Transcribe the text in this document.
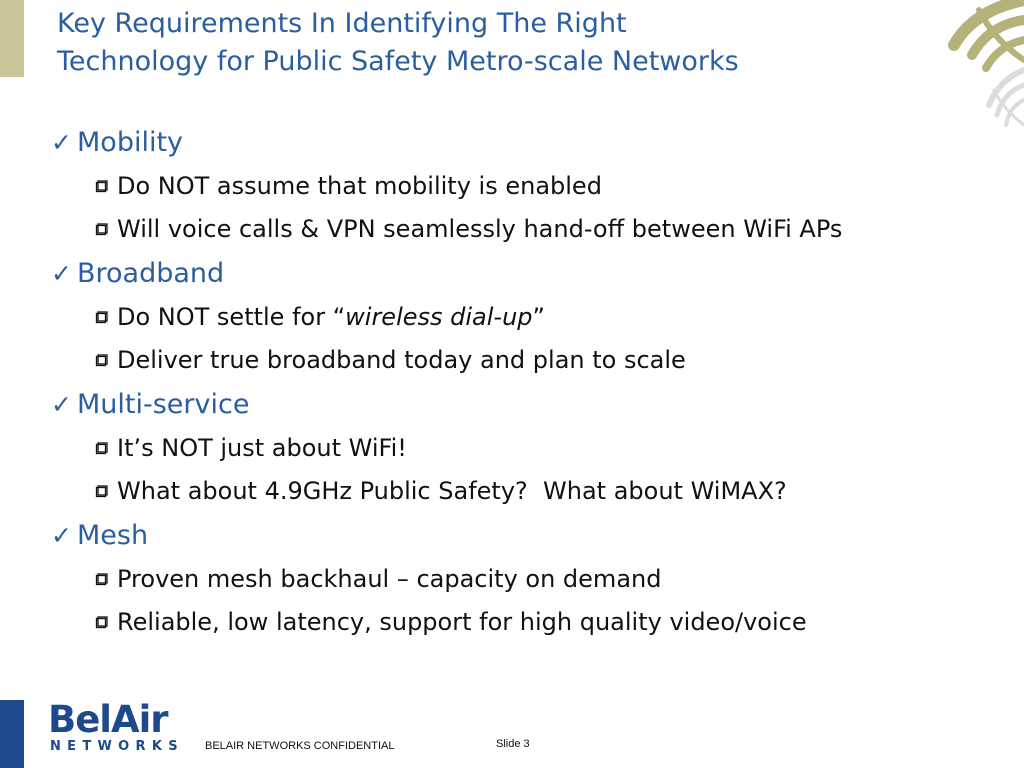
Key Requirements In Identifying The Right
Technology for Public Safety Metro-scale Networks
✓ Mobility
Do NOT assume that mobility is enabled
Will voice calls & VPN seamlessly hand-off between WiFi APs
✓ Broadband
Do NOT settle for “wireless dial-up”
Deliver true broadband today and plan to scale
✓ Multi-service
It’s NOT just about WiFi!
What about 4.9GHz Public Safety?  What about WiMAX?
✓ Mesh
Proven mesh backhaul – capacity on demand
Reliable, low latency, support for high quality video/voice
BelAir
NETWORKS BELAIR NETWORKS CONFIDENTIAL	Slide 3
